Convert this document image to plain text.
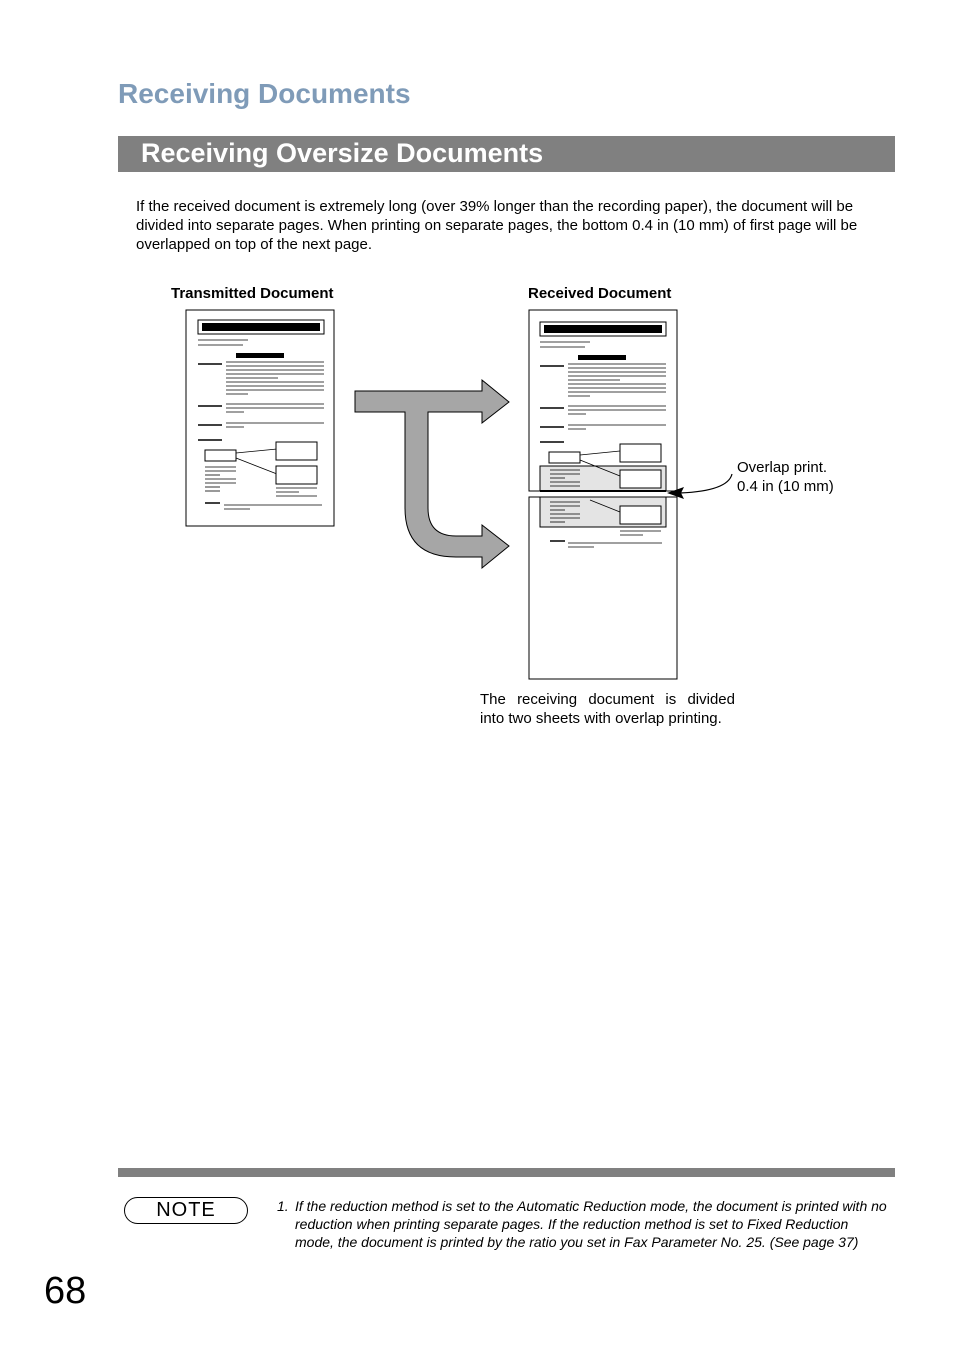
Receiving Documents
Receiving Oversize Documents

If the received document is extremely long (over 39% longer than the recording paper), the document will be divided into separate pages. When printing on separate pages, the bottom 0.4 in (10 mm) of first page will be overlapped on top of the next page.

Transmitted Document	Received Document
Overlap print.
0.4 in (10 mm)

The receiving document is divided
into two sheets with overlap printing.

NOTE	1. If the reduction method is set to the Automatic Reduction mode, the document is printed with no reduction when printing separate pages. If the reduction method is set to Fixed Reduction mode, the document is printed by the ratio you set in Fax Parameter No. 25. (See page 37)
68
